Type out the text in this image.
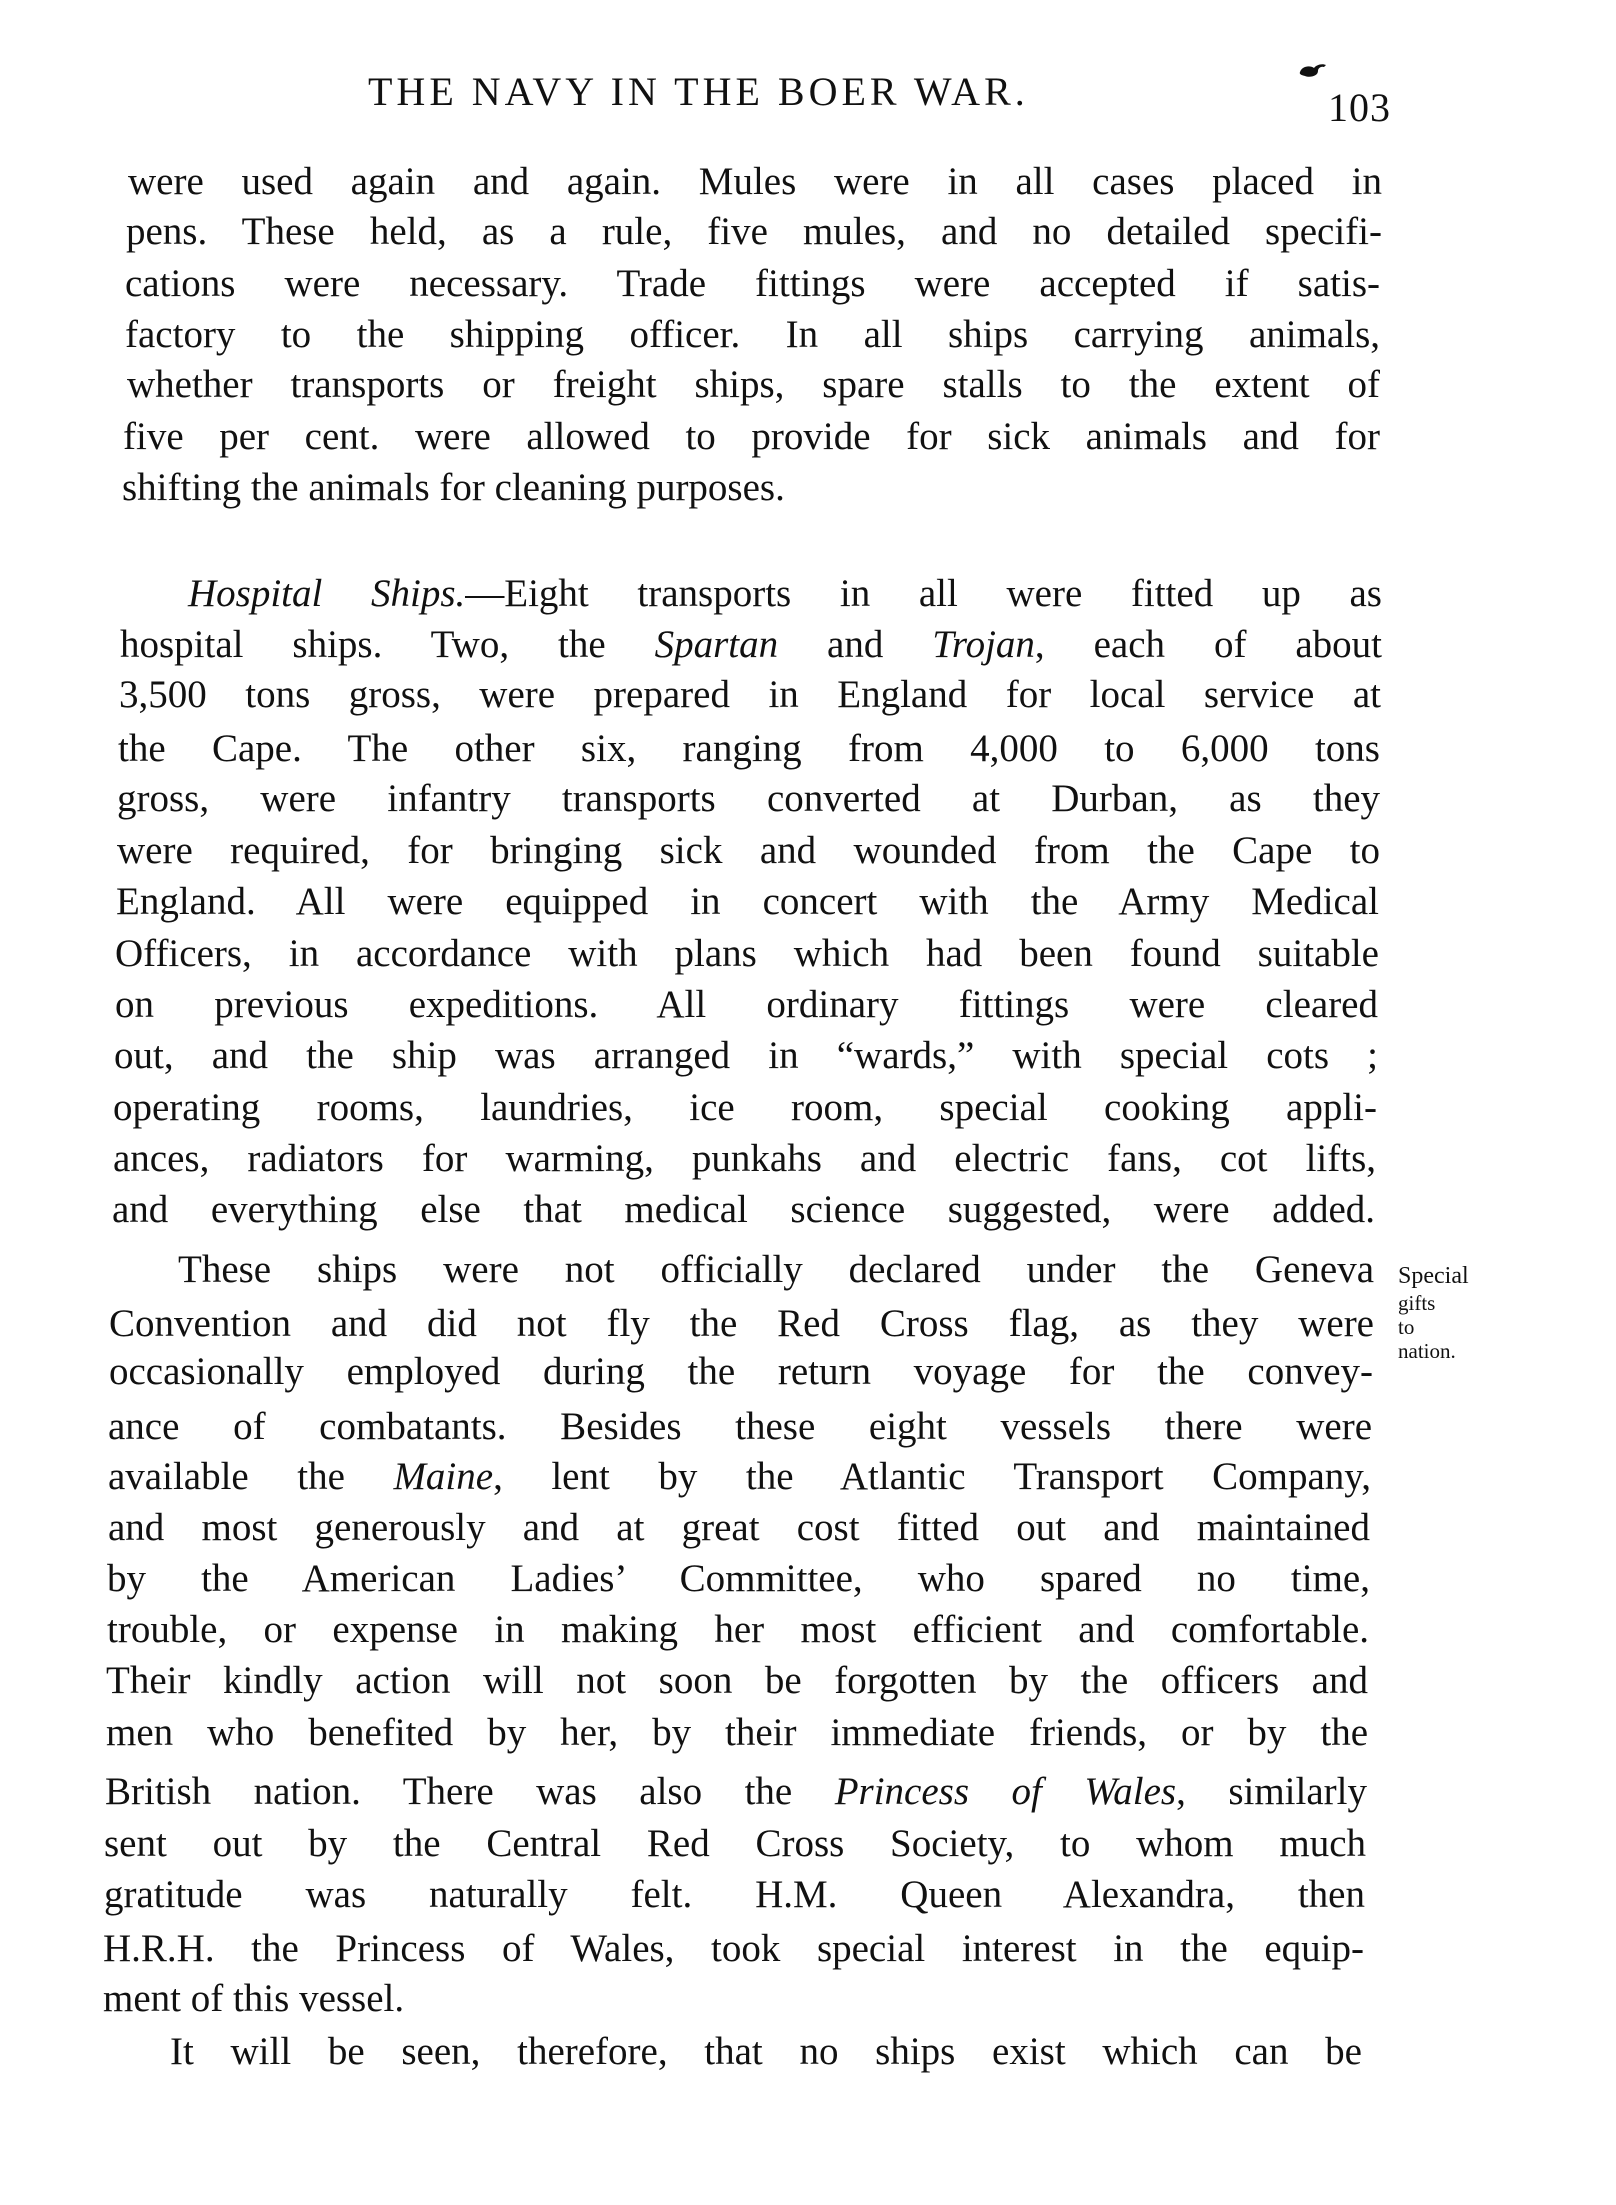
THE NAVY IN THE BOER WAR.	103
were used again and again. Mules were in all cases placed in
pens. These held, as a rule, five mules, and no detailed specifi-
cations were necessary. Trade fittings were accepted if satis-
factory to the shipping officer. In all ships carrying animals,
whether transports or freight ships, spare stalls to the extent of
five per cent. were allowed to provide for sick animals and for
shifting the animals for cleaning purposes.
Hospital Ships.—Eight transports in all were fitted up as
hospital ships. Two, the Spartan and Trojan, each of about
3,500 tons gross, were prepared in England for local service at
the Cape. The other six, ranging from 4,000 to 6,000 tons
gross, were infantry transports converted at Durban, as they
were required, for bringing sick and wounded from the Cape to
England. All were equipped in concert with the Army Medical
Officers, in accordance with plans which had been found suitable
on previous expeditions. All ordinary fittings were cleared
out, and the ship was arranged in “wards,” with special cots ;
operating rooms, laundries, ice room, special cooking appli-
ances, radiators for warming, punkahs and electric fans, cot lifts,
and everything else that medical science suggested, were added.
These ships were not officially declared under the Geneva
Convention and did not fly the Red Cross flag, as they were
occasionally employed during the return voyage for the convey-
ance of combatants. Besides these eight vessels there were
available the Maine, lent by the Atlantic Transport Company,
and most generously and at great cost fitted out and maintained
by the American Ladies’ Committee, who spared no time,
trouble, or expense in making her most efficient and comfortable.
Their kindly action will not soon be forgotten by the officers and
men who benefited by her, by their immediate friends, or by the
British nation. There was also the Princess of Wales, similarly
sent out by the Central Red Cross Society, to whom much
gratitude was naturally felt. H.M. Queen Alexandra, then
H.R.H. the Princess of Wales, took special interest in the equip-
ment of this vessel.
It will be seen, therefore, that no ships exist which can be
Special
gifts
to
nation.
